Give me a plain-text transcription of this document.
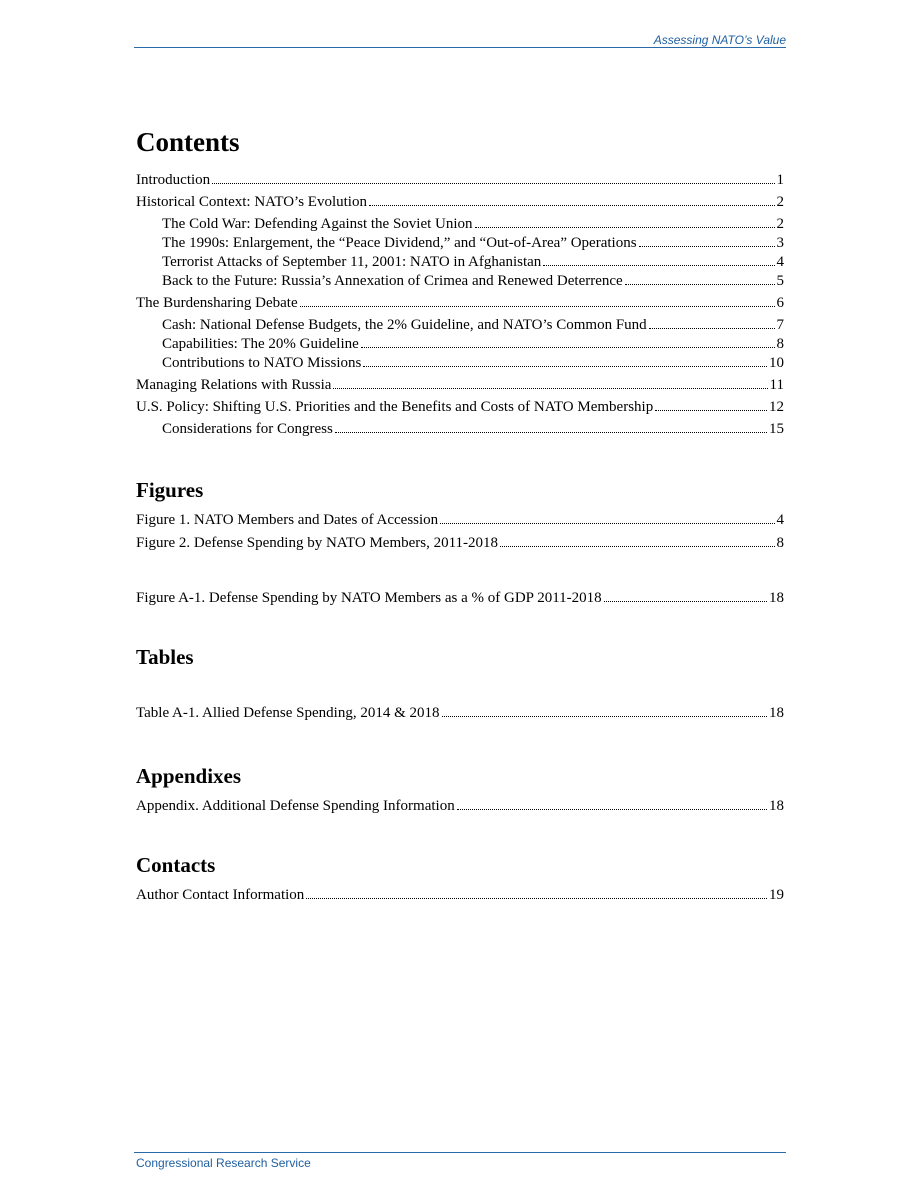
Assessing NATO’s Value
Contents
Introduction	1
Historical Context: NATO’s Evolution	2
The Cold War: Defending Against the Soviet Union	2
The 1990s: Enlargement, the “Peace Dividend,” and “Out-of-Area” Operations	3
Terrorist Attacks of September 11, 2001: NATO in Afghanistan	4
Back to the Future: Russia’s Annexation of Crimea and Renewed Deterrence	5
The Burdensharing Debate	6
Cash: National Defense Budgets, the 2% Guideline, and NATO’s Common Fund	7
Capabilities: The 20% Guideline	8
Contributions to NATO Missions	10
Managing Relations with Russia	11
U.S. Policy: Shifting U.S. Priorities and the Benefits and Costs of NATO Membership	12
Considerations for Congress	15
Figures
Figure 1. NATO Members and Dates of Accession	4
Figure 2. Defense Spending by NATO Members, 2011-2018	8
Figure A-1. Defense Spending by NATO Members as a % of GDP 2011-2018	18
Tables
Table A-1. Allied Defense Spending, 2014 & 2018	18
Appendixes
Appendix. Additional Defense Spending Information	18
Contacts
Author Contact Information	19
Congressional Research Service
